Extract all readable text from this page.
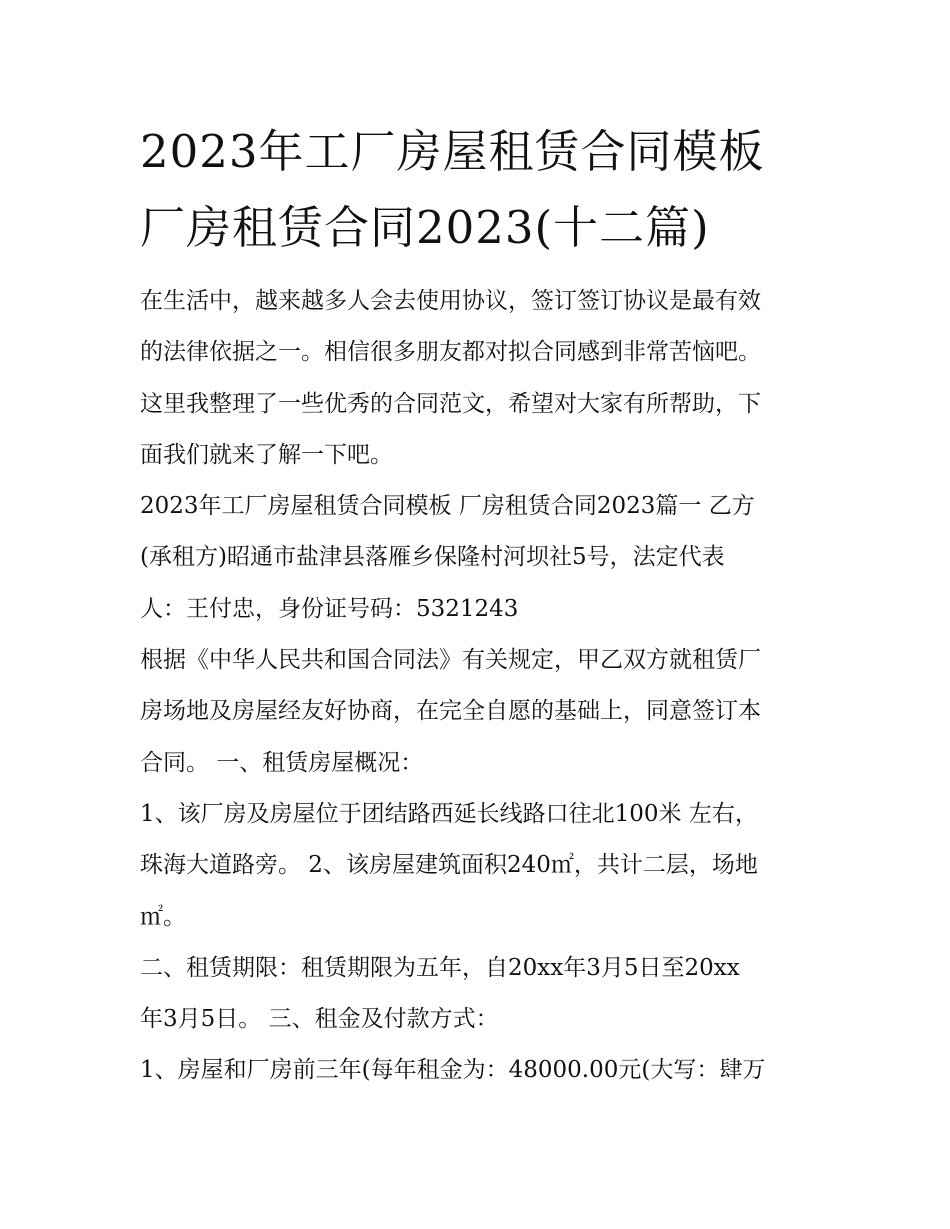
2023年工厂房屋租赁合同模板
厂房租赁合同2023(十二篇)

在生活中，越来越多人会去使用协议，签订签订协议是最有效
的法律依据之一。相信很多朋友都对拟合同感到非常苦恼吧。
这里我整理了一些优秀的合同范文，希望对大家有所帮助，下
面我们就来了解一下吧。

2023年工厂房屋租赁合同模板 厂房租赁合同2023篇一 乙方
(承租方)昭通市盐津县落雁乡保隆村河坝社5号，法定代表
人：王付忠，身份证号码：5321243

根据《中华人民共和国合同法》有关规定，甲乙双方就租赁厂
房场地及房屋经友好协商，在完全自愿的基础上，同意签订本
合同。 一、租赁房屋概况：

1、该厂房及房屋位于团结路西延长线路口往北100米 左右，
珠海大道路旁。 2、该房屋建筑面积240㎡，共计二层，场地
㎡。

二、租赁期限：租赁期限为五年，自20xx年3月5日至20xx
年3月5日。 三、租金及付款方式：

1、房屋和厂房前三年(每年租金为：48000.00元(大写：肆万
